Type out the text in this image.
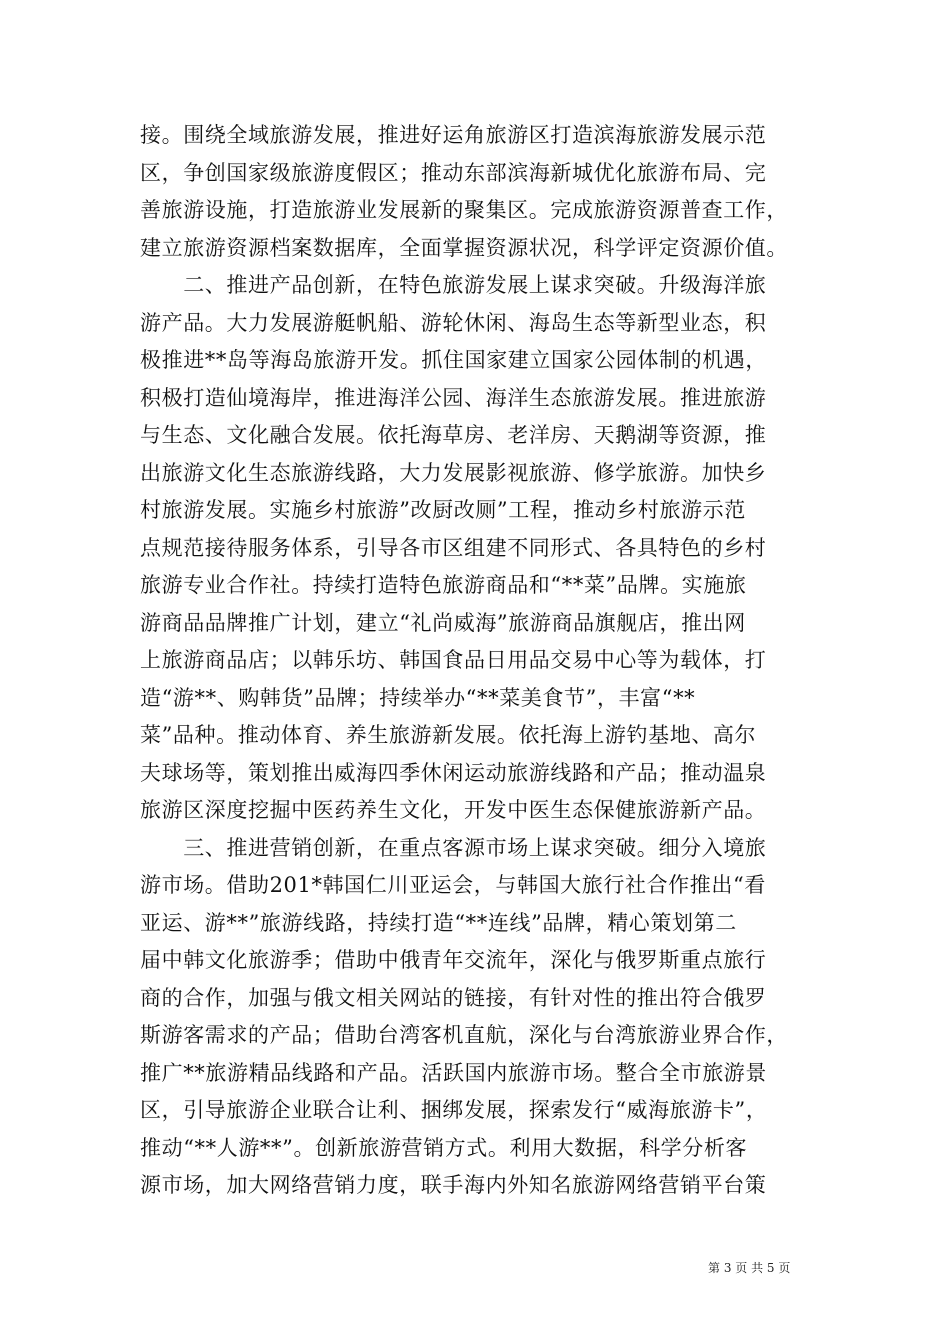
接。围绕全域旅游发展，推进好运角旅游区打造滨海旅游发展示范
区，争创国家级旅游度假区；推动东部滨海新城优化旅游布局、完
善旅游设施，打造旅游业发展新的聚集区。完成旅游资源普查工作，
建立旅游资源档案数据库，全面掌握资源状况，科学评定资源价值。
　　二、推进产品创新，在特色旅游发展上谋求突破。升级海洋旅
游产品。大力发展游艇帆船、游轮休闲、海岛生态等新型业态，积
极推进**岛等海岛旅游开发。抓住国家建立国家公园体制的机遇，
积极打造仙境海岸，推进海洋公园、海洋生态旅游发展。推进旅游
与生态、文化融合发展。依托海草房、老洋房、天鹅湖等资源，推
出旅游文化生态旅游线路，大力发展影视旅游、修学旅游。加快乡
村旅游发展。实施乡村旅游”改厨改厕”工程，推动乡村旅游示范
点规范接待服务体系，引导各市区组建不同形式、各具特色的乡村
旅游专业合作社。持续打造特色旅游商品和“**菜”品牌。实施旅
游商品品牌推广计划，建立“礼尚威海”旅游商品旗舰店，推出网
上旅游商品店；以韩乐坊、韩国食品日用品交易中心等为载体，打
造“游**、购韩货”品牌；持续举办“**菜美食节”，丰富“**
菜”品种。推动体育、养生旅游新发展。依托海上游钓基地、高尔
夫球场等，策划推出威海四季休闲运动旅游线路和产品；推动温泉
旅游区深度挖掘中医药养生文化，开发中医生态保健旅游新产品。
　　三、推进营销创新，在重点客源市场上谋求突破。细分入境旅
游市场。借助201*韩国仁川亚运会，与韩国大旅行社合作推出“看
亚运、游**”旅游线路，持续打造“**连线”品牌，精心策划第二
届中韩文化旅游季；借助中俄青年交流年，深化与俄罗斯重点旅行
商的合作，加强与俄文相关网站的链接，有针对性的推出符合俄罗
斯游客需求的产品；借助台湾客机直航，深化与台湾旅游业界合作，
推广**旅游精品线路和产品。活跃国内旅游市场。整合全市旅游景
区，引导旅游企业联合让利、捆绑发展，探索发行“威海旅游卡”，
推动“**人游**”。创新旅游营销方式。利用大数据，科学分析客
源市场，加大网络营销力度，联手海内外知名旅游网络营销平台策
第 3 页 共 5 页
